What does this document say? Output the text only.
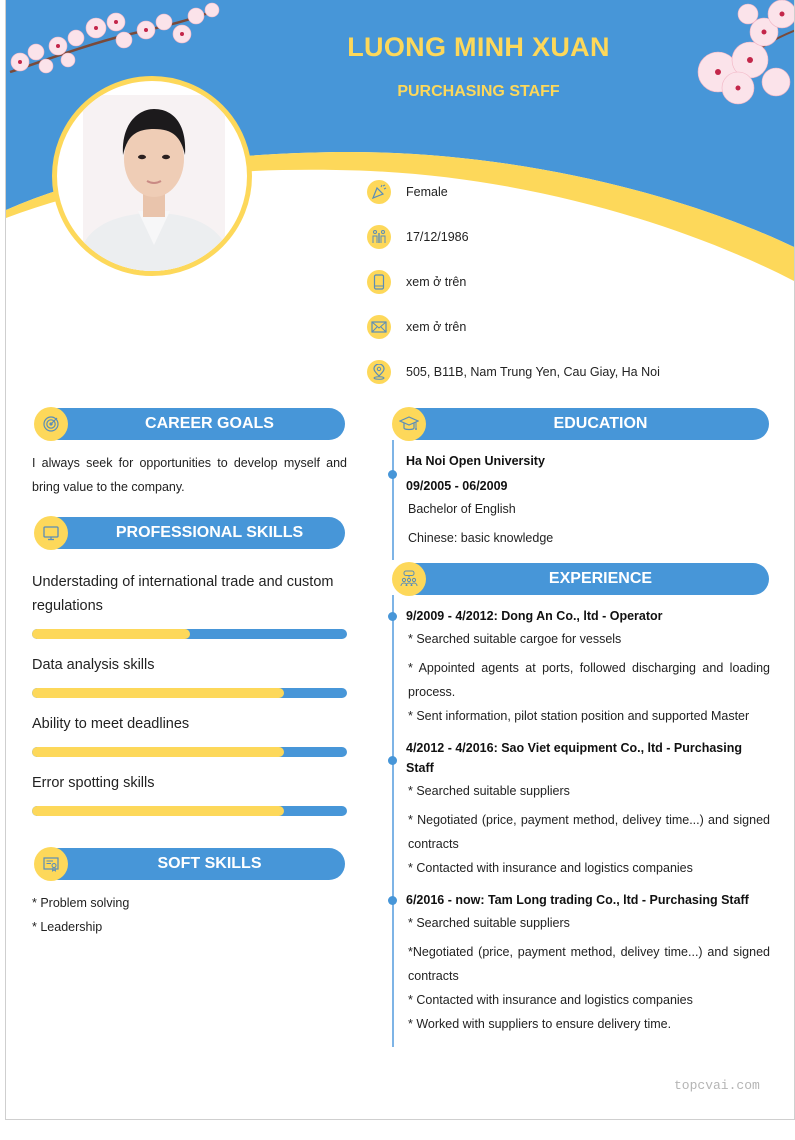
LUONG MINH XUAN
PURCHASING STAFF
Female
17/12/1986
xem ở trên
xem ở trên
505, B11B, Nam Trung Yen, Cau Giay, Ha Noi
CAREER GOALS
I always seek for opportunities to develop myself and bring value to the company.
PROFESSIONAL SKILLS
Understading of international trade and custom regulations
Data analysis skills
Ability to meet deadlines
Error spotting skills
SOFT SKILLS
* Problem solving
* Leadership
EDUCATION
Ha Noi Open University
09/2005 - 06/2009
Bachelor of English
Chinese: basic knowledge
EXPERIENCE
9/2009 - 4/2012: Dong An Co., ltd - Operator
* Searched suitable cargoe for vessels
* Appointed agents at ports, followed discharging and loading process.
* Sent information, pilot station position and supported Master
4/2012 - 4/2016: Sao Viet equipment Co., ltd - Purchasing Staff
* Searched suitable suppliers
* Negotiated (price, payment method, delivey time...) and signed contracts
* Contacted with insurance and logistics companies
6/2016 - now: Tam Long trading Co., ltd - Purchasing Staff
* Searched suitable suppliers
*Negotiated (price, payment method, delivey time...) and signed contracts
* Contacted with insurance and logistics companies
* Worked with suppliers to ensure delivery time.
topcvai.com
